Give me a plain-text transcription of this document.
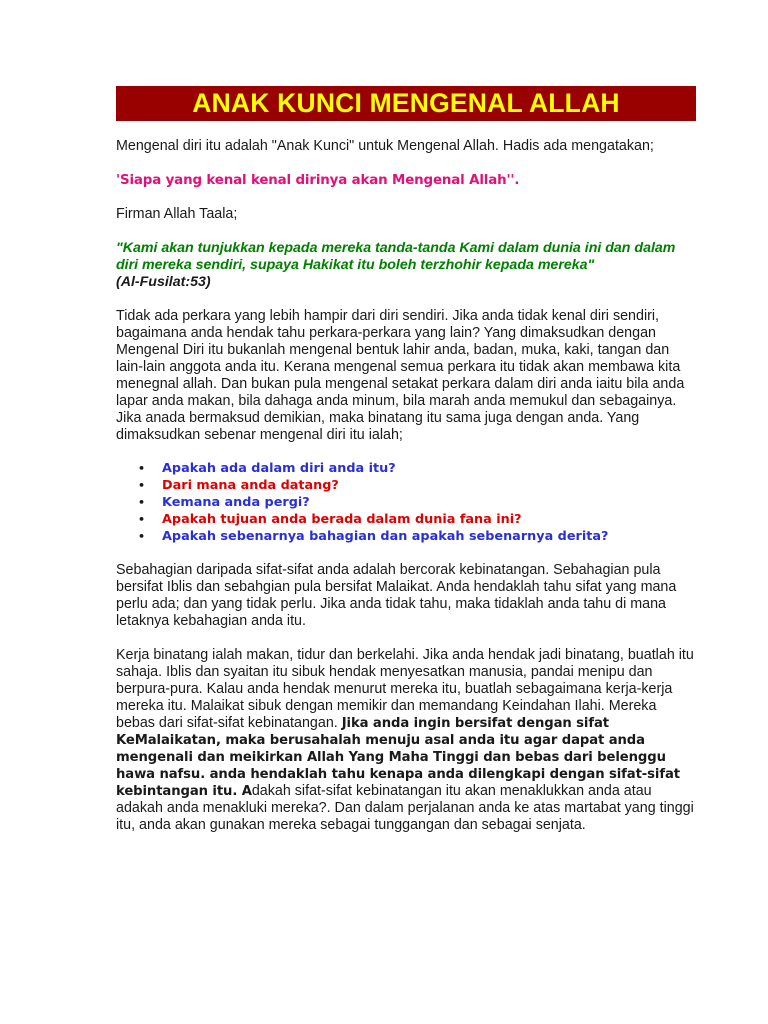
ANAK KUNCI MENGENAL ALLAH

Mengenal diri itu adalah "Anak Kunci" untuk Mengenal Allah. Hadis ada mengatakan;

'Siapa yang kenal kenal dirinya akan Mengenal Allah''.

Firman Allah Taala;

"Kami akan tunjukkan kepada mereka tanda-tanda Kami dalam dunia ini dan dalam diri mereka sendiri, supaya Hakikat itu boleh terzhohir kepada mereka"
(Al-Fusilat:53)

Tidak ada perkara yang lebih hampir dari diri sendiri. Jika anda tidak kenal diri sendiri, bagaimana anda hendak tahu perkara-perkara yang lain? Yang dimaksudkan dengan Mengenal Diri itu bukanlah mengenal bentuk lahir anda, badan, muka, kaki, tangan dan lain-lain anggota anda itu. Kerana mengenal semua perkara itu tidak akan membawa kita menegnal allah. Dan bukan pula mengenal setakat perkara dalam diri anda iaitu bila anda lapar anda makan, bila dahaga anda minum, bila marah anda memukul dan sebagainya. Jika anada bermaksud demikian, maka binatang itu sama juga dengan anda. Yang dimaksudkan sebenar mengenal diri itu ialah;

• Apakah ada dalam diri anda itu?
• Dari mana anda datang?
• Kemana anda pergi?
• Apakah tujuan anda berada dalam dunia fana ini?
• Apakah sebenarnya bahagian dan apakah sebenarnya derita?

Sebahagian daripada sifat-sifat anda adalah bercorak kebinatangan. Sebahagian pula bersifat Iblis dan sebahgian pula bersifat Malaikat. Anda hendaklah tahu sifat yang mana perlu ada; dan yang tidak perlu. Jika anda tidak tahu, maka tidaklah anda tahu di mana letaknya kebahagian anda itu.

Kerja binatang ialah makan, tidur dan berkelahi. Jika anda hendak jadi binatang, buatlah itu sahaja. Iblis dan syaitan itu sibuk hendak menyesatkan manusia, pandai menipu dan berpura-pura. Kalau anda hendak menurut mereka itu, buatlah sebagaimana kerja-kerja mereka itu. Malaikat sibuk dengan memikir dan memandang Keindahan Ilahi. Mereka bebas dari sifat-sifat kebinatangan. Jika anda ingin bersifat dengan sifat KeMalaikatan, maka berusahalah menuju asal anda itu agar dapat anda mengenali dan meikirkan Allah Yang Maha Tinggi dan bebas dari belenggu hawa nafsu. anda hendaklah tahu kenapa anda dilengkapi dengan sifat-sifat kebintangan itu. Adakah sifat-sifat kebinatangan itu akan menaklukkan anda atau adakah anda menakluki mereka?. Dan dalam perjalanan anda ke atas martabat yang tinggi itu, anda akan gunakan mereka sebagai tunggangan dan sebagai senjata.
